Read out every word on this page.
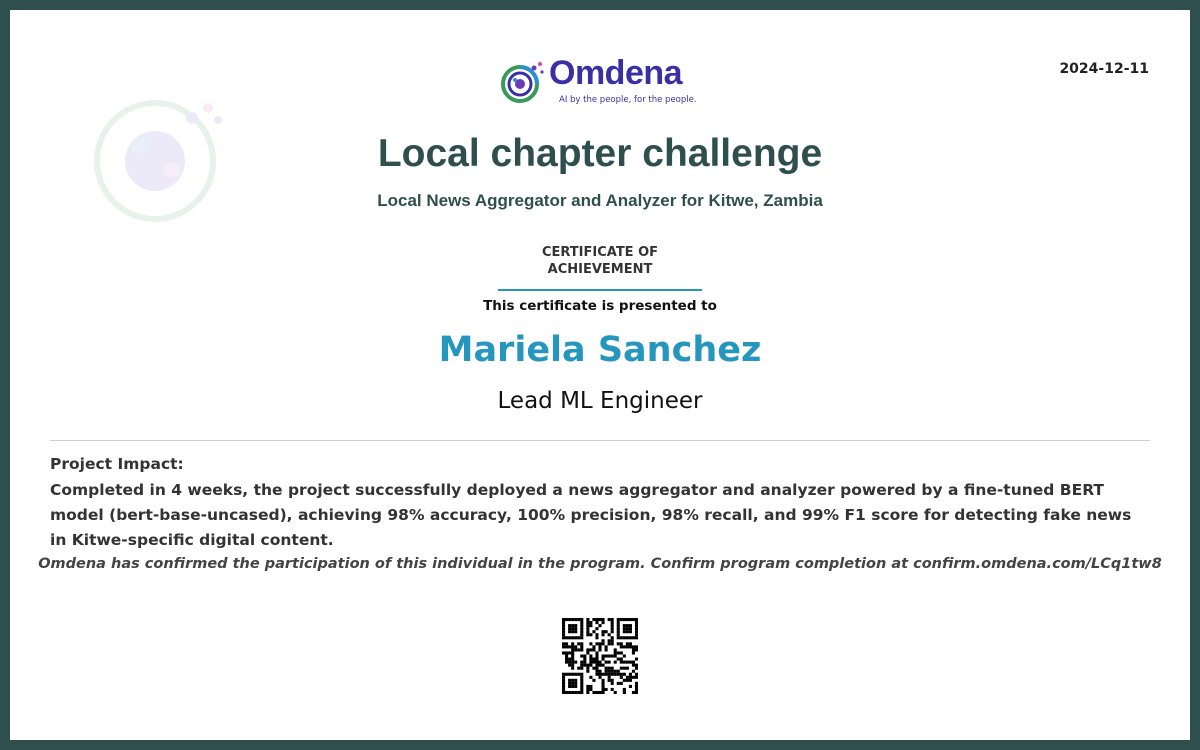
Omdena
AI by the people, for the people.
2024-12-11
Local chapter challenge
Local News Aggregator and Analyzer for Kitwe, Zambia
CERTIFICATE OF
ACHIEVEMENT
This certificate is presented to
Mariela Sanchez
Lead ML Engineer
Project Impact:
Completed in 4 weeks, the project successfully deployed a news aggregator and analyzer powered by a fine-tuned BERT model (bert-base-uncased), achieving 98% accuracy, 100% precision, 98% recall, and 99% F1 score for detecting fake news in Kitwe-specific digital content.
Omdena has confirmed the participation of this individual in the program. Confirm program completion at confirm.omdena.com/LCq1tw8
